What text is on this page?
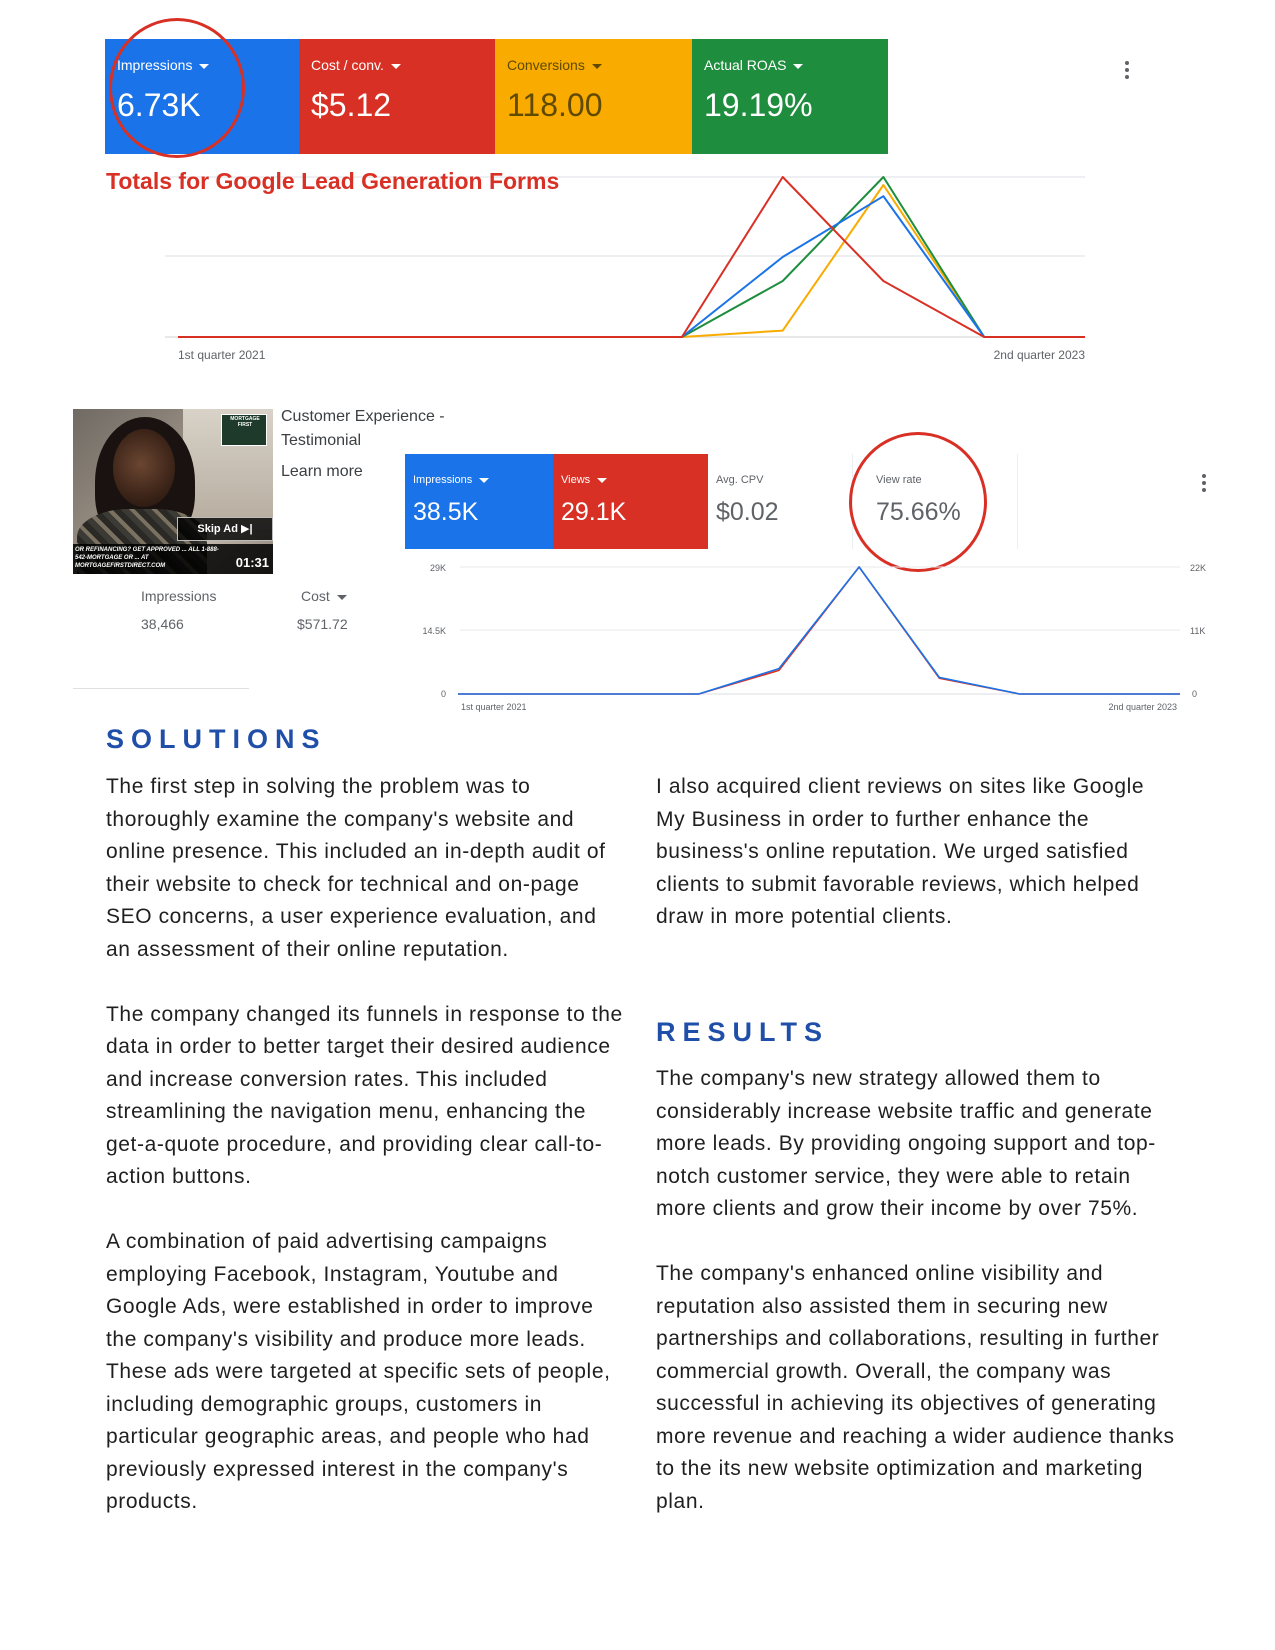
Impressions
6.73K
Cost / conv.
$5.12
Conversions
118.00
Actual ROAS
19.19%
1st quarter 2021	2nd quarter 2023
Totals for Google Lead Generation Forms
MORTGAGE FIRST
Skip Ad ▶|
OR REFINANCING? GET APPROVED ... ALL 1-888-542-MORTGAGE OR ... AT MORTGAGEFIRSTDIRECT.COM	01:31
Customer Experience -
Testimonial
Learn more
Impressions	Cost
38,466	$571.72
Impressions
38.5K
Views
29.1K
Avg. CPV
$0.02
View rate
75.66%
29K
14.5K
0
22K
11K
0
1st quarter 2021	2nd quarter 2023
SOLUTIONS

The first step in solving the problem was to thoroughly examine the company's website and online presence. This included an in-depth audit of their website to check for technical and on-page SEO concerns, a user experience evaluation, and an assessment of their online reputation.

The company changed its funnels in response to the data in order to better target their desired audience and increase conversion rates. This included streamlining the navigation menu, enhancing the get-a-quote procedure, and providing clear call-to-action buttons.

A combination of paid advertising campaigns employing Facebook, Instagram, Youtube and Google Ads, were established in order to improve the company's visibility and produce more leads. These ads were targeted at specific sets of people, including demographic groups, customers in particular geographic areas, and people who had previously expressed interest in the company's products.

I also acquired client reviews on sites like Google My Business in order to further enhance the business's online reputation. We urged satisfied clients to submit favorable reviews, which helped draw in more potential clients.

RESULTS

The company's new strategy allowed them to considerably increase website traffic and generate more leads. By providing ongoing support and top-notch customer service, they were able to retain more clients and grow their income by over 75%.

The company's enhanced online visibility and reputation also assisted them in securing new partnerships and collaborations, resulting in further commercial growth. Overall, the company was successful in achieving its objectives of generating more revenue and reaching a wider audience thanks to the its new website optimization and marketing plan.
